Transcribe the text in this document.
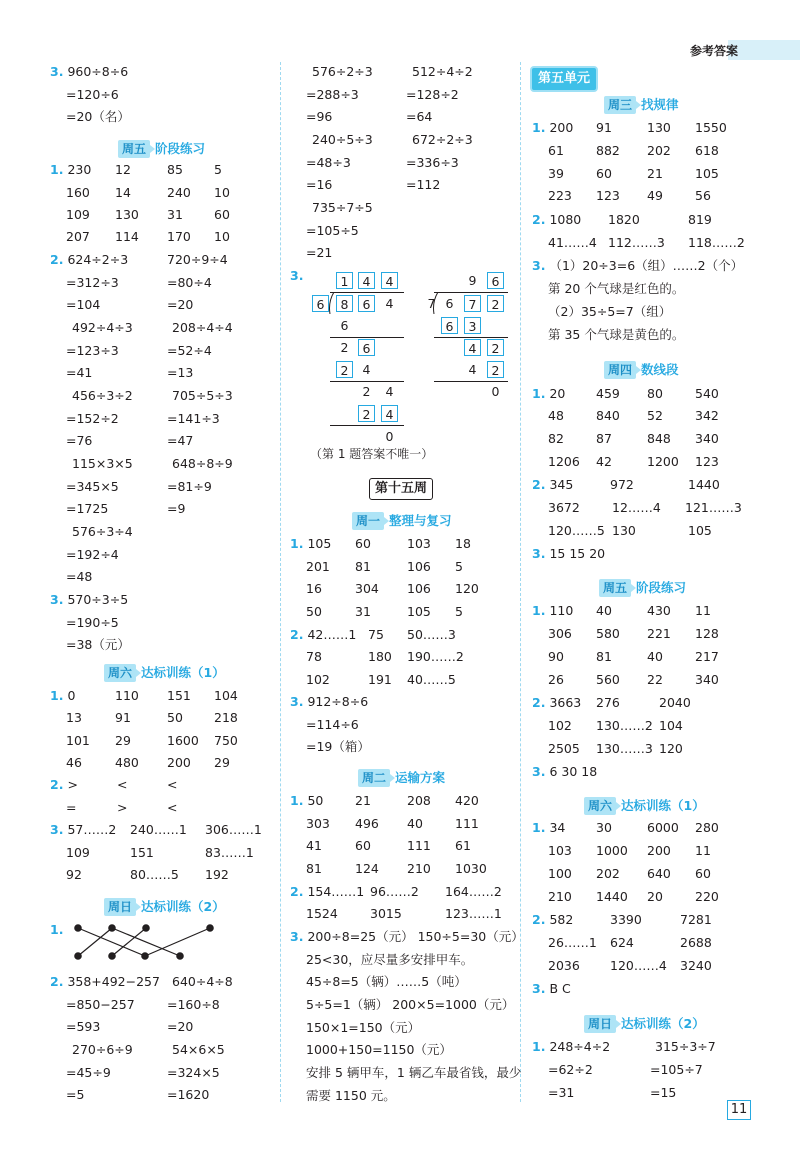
参考答案
第五单元
第十五周
周五 阶段练习
周六 达标训练（1）
周日 达标训练（2）
周一 整理与复习
周二 运输方案
周三 找规律
周四 数线段
周五 阶段练习
周六 达标训练（1）
周日 达标训练（2）
3. 960÷8÷6
=120÷6
=20（名）
1. 230 12	85 5
160 14	240 10
109 130 31 60
207 114 170 10
2. 624÷2÷3	720÷9÷4
=312÷3	=80÷4
=104	=20
492÷4÷3	208÷4÷4
=123÷3	=52÷4
=41	=13
456÷3÷2	705÷5÷3
=152÷2	=141÷3
=76	=47
115×3×5	648÷8÷9
=345×5	=81÷9
=1725	=9
576÷3÷4
=192÷4
=48
3. 570÷3÷5
=190÷5
=38（元）
1. 0	110 151 104
13	91	50 218
101 29	1600 750
46	480 200 29
2. >	<	<
=	>	<
3. 57……2 240……1 306……1
109	151	83……1
92	80……5 192
1.
2. 358+492−257 640÷4÷8
=850−257	=160÷8
=593	=20
270÷6÷9	54×6×5
=45÷9	=324×5
=5	=1620
576÷2÷3	512÷4÷2
=288÷3	=128÷2
=96	=64
240÷5÷3	672÷2÷3
=48÷3	=336÷3
=16	=112
735÷7÷5
=105÷5
=21
3.
1. 105 60	103 18
201 81	106 5
16	304 106 120
50	31	105 5
2. 42……1 75 50……3
78	180 190……2
102	191 40……5
3. 912÷8÷6
=114÷6
=19（箱）
1. 50	21	208 420
303 496 40	111
41	60	111 61
81	124 210 1030
2. 154……1 96……2 164……2
1524	3015	123……1
3. 200÷8=25（元） 150÷5=30（元）
25<30，应尽量多安排甲车。
45÷8=5（辆）……5（吨）
5÷5=1（辆） 200×5=1000（元）
150×1=150（元）
1000+150=1150（元）
安排 5 辆甲车，1 辆乙车最省钱，最少
需要 1150 元。
1. 200 91	130 1550
61	882 202 618
39	60	21	105
223 123 49	56
2. 1080 1820	819
41……4 112……3 118……2
3. （1）20÷3=6（组）……2（个）
第 20 个气球是红色的。
（2）35÷5=7（组）
第 35 个气球是黄色的。
1. 20 459 80	540
48	840 52	342
82	87	848 340
1206 42	1200 123
2. 345	972	1440
3672	12……4 121……3
120……5 130	105
3. 15 15 20
1. 110 40	430 11
306 580 221 128
90	81	40	217
26	560 22	340
2. 3663 276	2040
102 130……2 104
2505 130……3 120
3. 6 30 18
1. 34 30	6000 280
103 1000 200 11
100 202 640 60
210 1440 20	220
2. 582	3390	7281
26……1 624	2688
2036 120……4 3240
3. B C
1. 248÷4÷2	315÷3÷7
=62÷2	=105÷7
=31	=15
1	4	4
6	8	6	4
6
2	6
2	4
2	4
2	4
0
9	6
7 6	7	2
6	3
4	2
4	2
0
（第 1 题答案不唯一）
11
